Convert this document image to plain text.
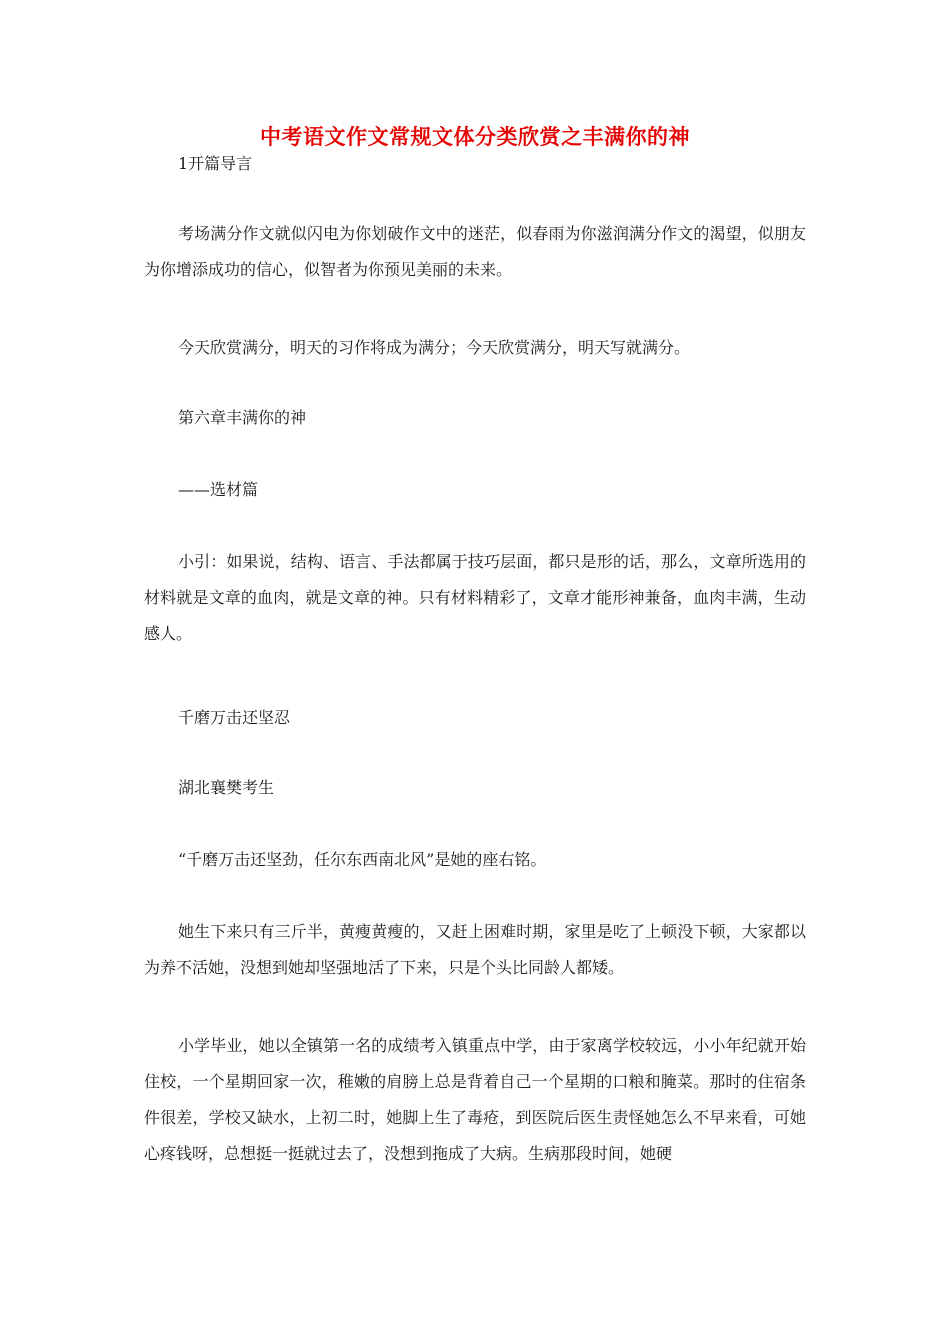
中考语文作文常规文体分类欣赏之丰满你的神

1开篇导言

考场满分作文就似闪电为你划破作文中的迷茫，似春雨为你滋润满分作文的渴望，似朋友为你增添成功的信心，似智者为你预见美丽的未来。

今天欣赏满分，明天的习作将成为满分；今天欣赏满分，明天写就满分。

第六章丰满你的神

——选材篇

小引：如果说，结构、语言、手法都属于技巧层面，都只是形的话，那么，文章所选用的材料就是文章的血肉，就是文章的神。只有材料精彩了，文章才能形神兼备，血肉丰满，生动感人。

千磨万击还坚忍

湖北襄樊考生

“千磨万击还坚劲，任尔东西南北风”是她的座右铭。

她生下来只有三斤半，黄瘦黄瘦的，又赶上困难时期，家里是吃了上顿没下顿，大家都以为养不活她，没想到她却坚强地活了下来，只是个头比同龄人都矮。

小学毕业，她以全镇第一名的成绩考入镇重点中学，由于家离学校较远，小小年纪就开始住校，一个星期回家一次，稚嫩的肩膀上总是背着自己一个星期的口粮和腌菜。那时的住宿条件很差，学校又缺水，上初二时，她脚上生了毒疮，到医院后医生责怪她怎么不早来看，可她心疼钱呀，总想挺一挺就过去了，没想到拖成了大病。生病那段时间，她硬
